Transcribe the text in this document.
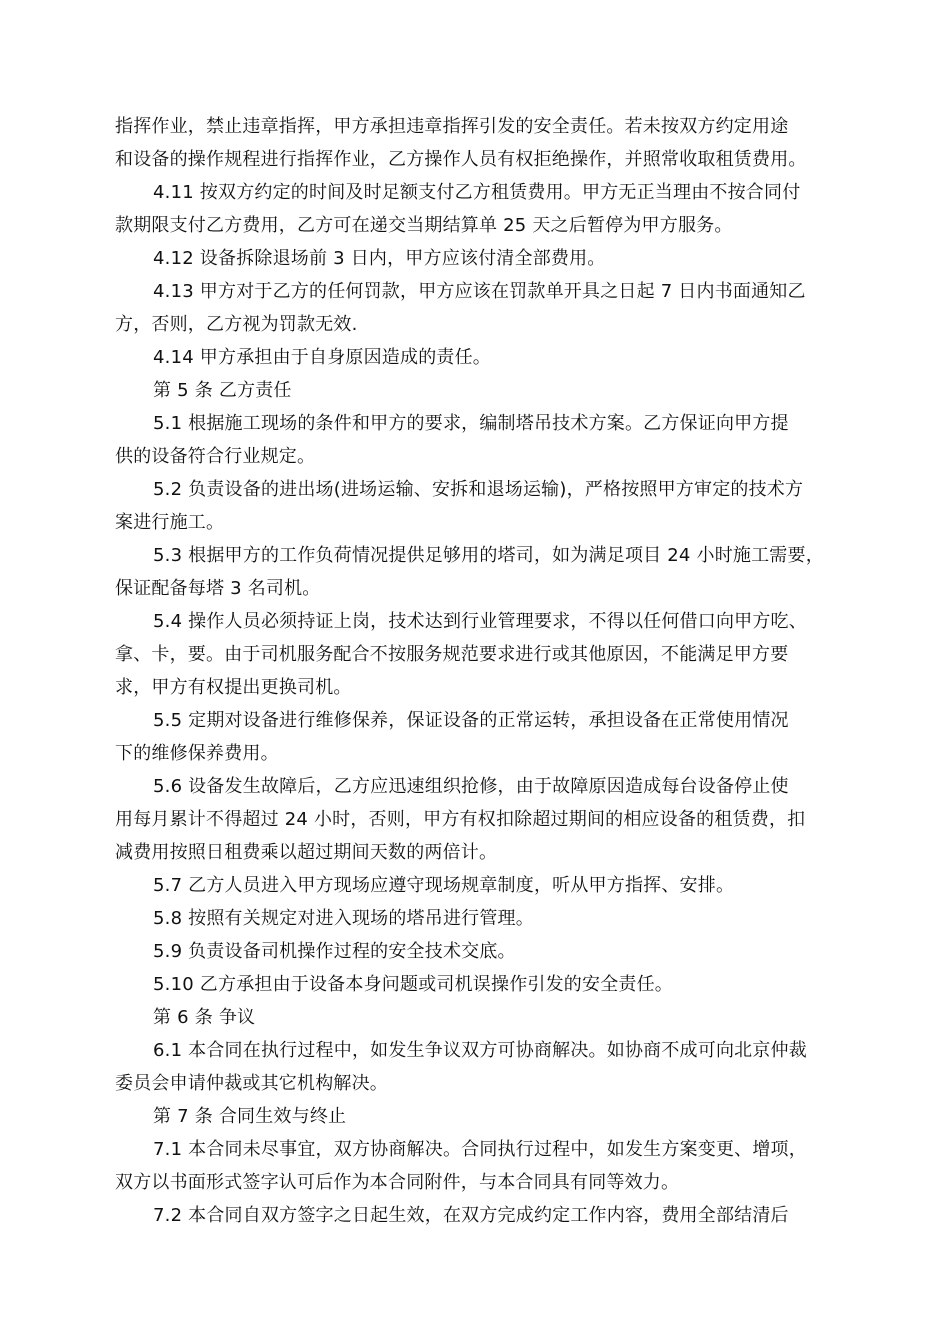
指挥作业，禁止违章指挥，甲方承担违章指挥引发的安全责任。若未按双方约定用途
和设备的操作规程进行指挥作业，乙方操作人员有权拒绝操作，并照常收取租赁费用。
4.11 按双方约定的时间及时足额支付乙方租赁费用。甲方无正当理由不按合同付
款期限支付乙方费用，乙方可在递交当期结算单 25 天之后暂停为甲方服务。
4.12 设备拆除退场前 3 日内，甲方应该付清全部费用。
4.13 甲方对于乙方的任何罚款，甲方应该在罚款单开具之日起 7 日内书面通知乙
方，否则，乙方视为罚款无效.
4.14 甲方承担由于自身原因造成的责任。
第 5 条 乙方责任
5.1 根据施工现场的条件和甲方的要求，编制塔吊技术方案。乙方保证向甲方提
供的设备符合行业规定。
5.2 负责设备的进出场(进场运输、安拆和退场运输)，严格按照甲方审定的技术方
案进行施工。
5.3 根据甲方的工作负荷情况提供足够用的塔司，如为满足项目 24 小时施工需要，
保证配备每塔 3 名司机。
5.4 操作人员必须持证上岗，技术达到行业管理要求，不得以任何借口向甲方吃、
拿、卡，要。由于司机服务配合不按服务规范要求进行或其他原因，不能满足甲方要
求，甲方有权提出更换司机。
5.5 定期对设备进行维修保养，保证设备的正常运转，承担设备在正常使用情况
下的维修保养费用。
5.6 设备发生故障后，乙方应迅速组织抢修，由于故障原因造成每台设备停止使
用每月累计不得超过 24 小时，否则，甲方有权扣除超过期间的相应设备的租赁费，扣
减费用按照日租费乘以超过期间天数的两倍计。
5.7 乙方人员进入甲方现场应遵守现场规章制度，听从甲方指挥、安排。
5.8 按照有关规定对进入现场的塔吊进行管理。
5.9 负责设备司机操作过程的安全技术交底。
5.10 乙方承担由于设备本身问题或司机误操作引发的安全责任。
第 6 条 争议
6.1 本合同在执行过程中，如发生争议双方可协商解决。如协商不成可向北京仲裁
委员会申请仲裁或其它机构解决。
第 7 条 合同生效与终止
7.1 本合同未尽事宜，双方协商解决。合同执行过程中，如发生方案变更、增项，
双方以书面形式签字认可后作为本合同附件，与本合同具有同等效力。
7.2 本合同自双方签字之日起生效，在双方完成约定工作内容，费用全部结清后
